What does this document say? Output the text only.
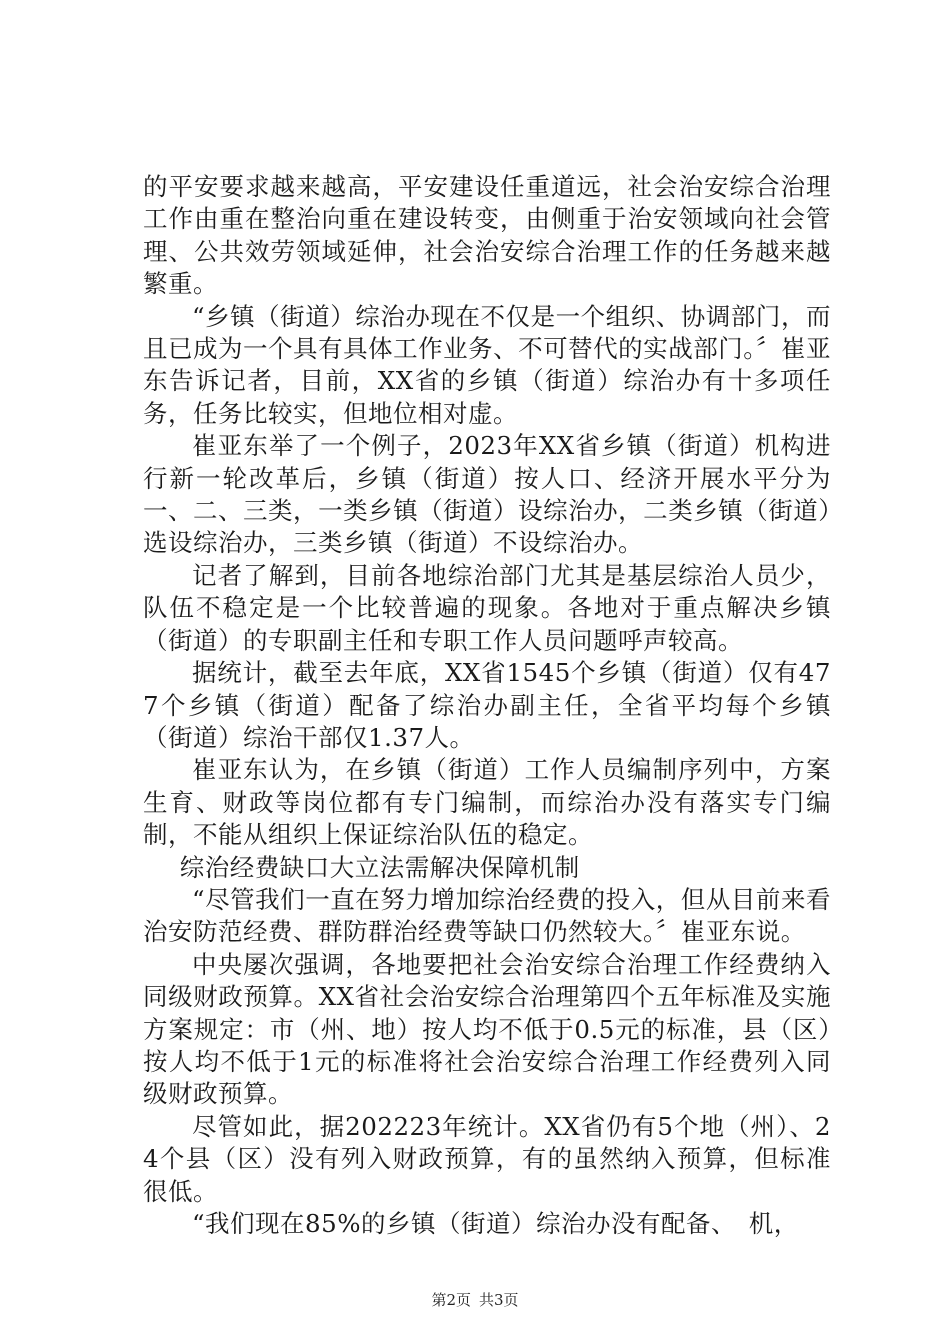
的平安要求越来越高，平安建设任重道远，社会治安综合治理工作由重在整治向重在建设转变，由侧重于治安领域向社会管理、公共效劳领域延伸，社会治安综合治理工作的任务越来越繁重。

“乡镇（街道）综治办现在不仅是一个组织、协调部门，而且已成为一个具有具体工作业务、不可替代的实战部门。〞崔亚东告诉记者，目前，XX省的乡镇（街道）综治办有十多项任务，任务比较实，但地位相对虚。

崔亚东举了一个例子，2023年XX省乡镇（街道）机构进行新一轮改革后，乡镇（街道）按人口、经济开展水平分为一、二、三类，一类乡镇（街道）设综治办，二类乡镇（街道）选设综治办，三类乡镇（街道）不设综治办。

记者了解到，目前各地综治部门尤其是基层综治人员少，队伍不稳定是一个比较普遍的现象。各地对于重点解决乡镇（街道）的专职副主任和专职工作人员问题呼声较高。

据统计，截至去年底，XX省1545个乡镇（街道）仅有477个乡镇（街道）配备了综治办副主任，全省平均每个乡镇（街道）综治干部仅1.37人。

崔亚东认为，在乡镇（街道）工作人员编制序列中，方案生育、财政等岗位都有专门编制，而综治办没有落实专门编制，不能从组织上保证综治队伍的稳定。

综治经费缺口大立法需解决保障机制

“尽管我们一直在努力增加综治经费的投入，但从目前来看治安防范经费、群防群治经费等缺口仍然较大。〞崔亚东说。

中央屡次强调，各地要把社会治安综合治理工作经费纳入同级财政预算。XX省社会治安综合治理第四个五年标准及实施方案规定：市（州、地）按人均不低于0.5元的标准，县（区）按人均不低于1元的标准将社会治安综合治理工作经费列入同级财政预算。

尽管如此，据202223年统计。XX省仍有5个地（州）、24个县（区）没有列入财政预算，有的虽然纳入预算，但标准很低。

“我们现在85%的乡镇（街道）综治办没有配备、　机，

第2页 共3页
